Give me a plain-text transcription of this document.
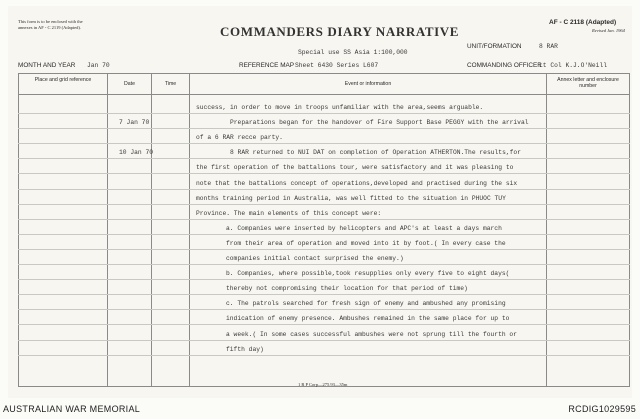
This form is to be enclosed with the
annexes in AF - C 2119 (Adapted).	COMMANDERS DIARY NARRATIVE
AF - C 2118 (Adapted)
Revised Jan. 1964
Special use SS Asia 1:100,000
UNIT/FORMATION	8 RAR
MONTH AND YEAR Jan 70	REFERENCE MAP Sheet 6430 Series L607	COMMANDING OFFICER
Lt Col K.J.O'Neill
Place and grid reference
Date	Time	Event or information
Annex letter and enclosure number
success, in order to move in troops unfamiliar with the area,seems arguable.
7 Jan 70	Preparations began for the handover of Fire Support Base PEGGY with the arrival
of a 6 RAR recce party.
10 Jan 70	8 RAR returned to NUI DAT on completion of Operation ATHERTON.The results,for
the first operation of the battalions tour, were satisfactory and it was pleasing to
note that the battalions concept of operations,developed and practised during the six
months training period in Australia, was well fitted to the situation in PHUOC TUY
Province. The main elements of this concept were:
a. Companies were inserted by helicopters and APC's at least a days march
from their area of operation and moved into it by foot.( In every case the
companies initial contact surprised the enemy.)
b. Companies, where possible,took resupplies only every five to eight days(
thereby not compromising their location for that period of time)
c. The patrols searched for fresh sign of enemy and ambushed any promising
indication of enemy presence. Ambushes remained in the same place for up to
a week.( In some cases successful ambushes were not sprung till the fourth or
fifth day)
1 R P Corp—275.93—35m
AUSTRALIAN WAR MEMORIAL	RCDIG1029595
